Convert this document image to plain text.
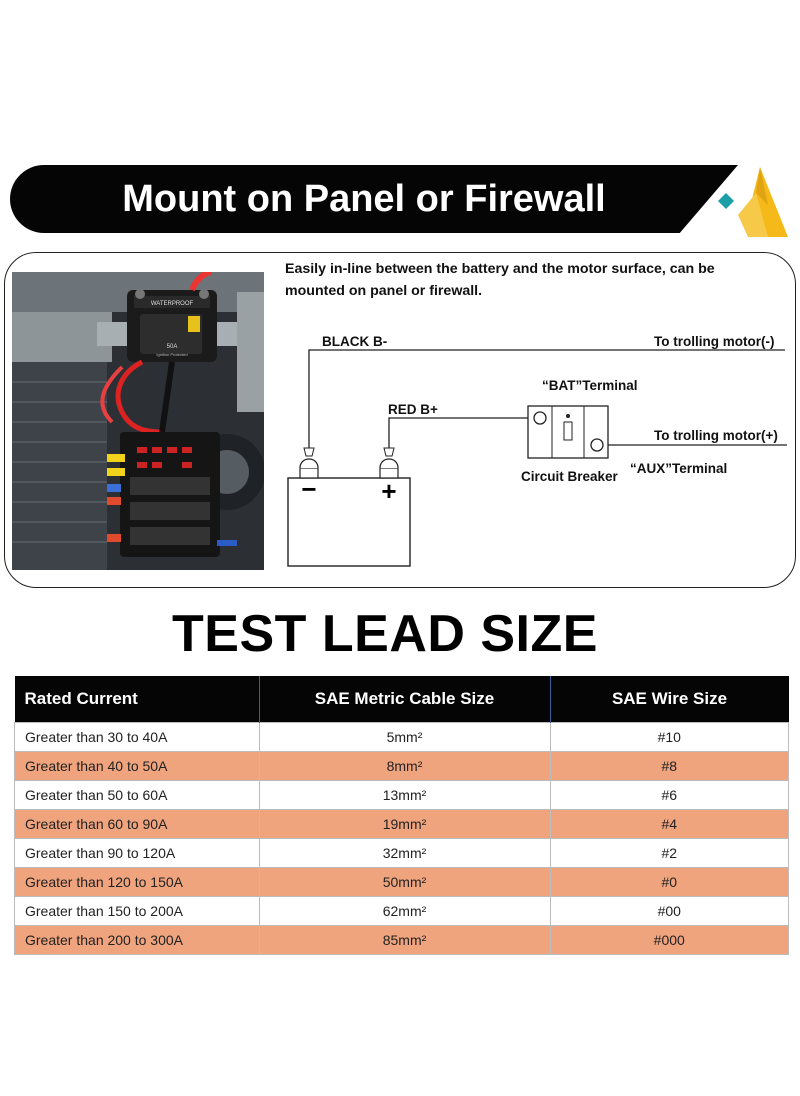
Mount on Panel or Firewall
WATERPROOF
50A
Ignition Protected
Easily in-line between the battery and the motor surface, can be mounted on panel or firewall.
− +
BLACK B-	To trolling motor(-)
“BAT”Terminal
RED B+
To trolling motor(+)
“AUX”Terminal
Circuit Breaker
TEST LEAD SIZE
Rated Current	SAE Metric Cable Size	SAE Wire Size
Greater than 30 to 40A	5mm²	#10
Greater than 40 to 50A	8mm²	#8
Greater than 50 to 60A	13mm²	#6
Greater than 60 to 90A	19mm²	#4
Greater than 90 to 120A	32mm²	#2
Greater than 120 to 150A	50mm²	#0
Greater than 150 to 200A	62mm²	#00
Greater than 200 to 300A	85mm²	#000
